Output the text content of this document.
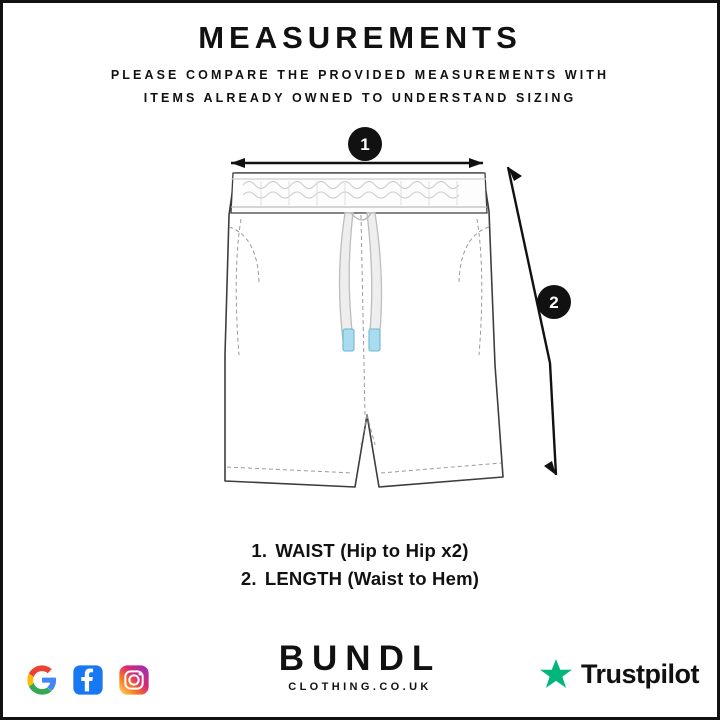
MEASUREMENTS
PLEASE COMPARE THE PROVIDED MEASUREMENTS WITH
ITEMS ALREADY OWNED TO UNDERSTAND SIZING
1
2
1. WAIST (Hip to Hip x2)
2. LENGTH (Waist to Hem)
BUNDL
CLOTHING.CO.UK	Trustpilot
